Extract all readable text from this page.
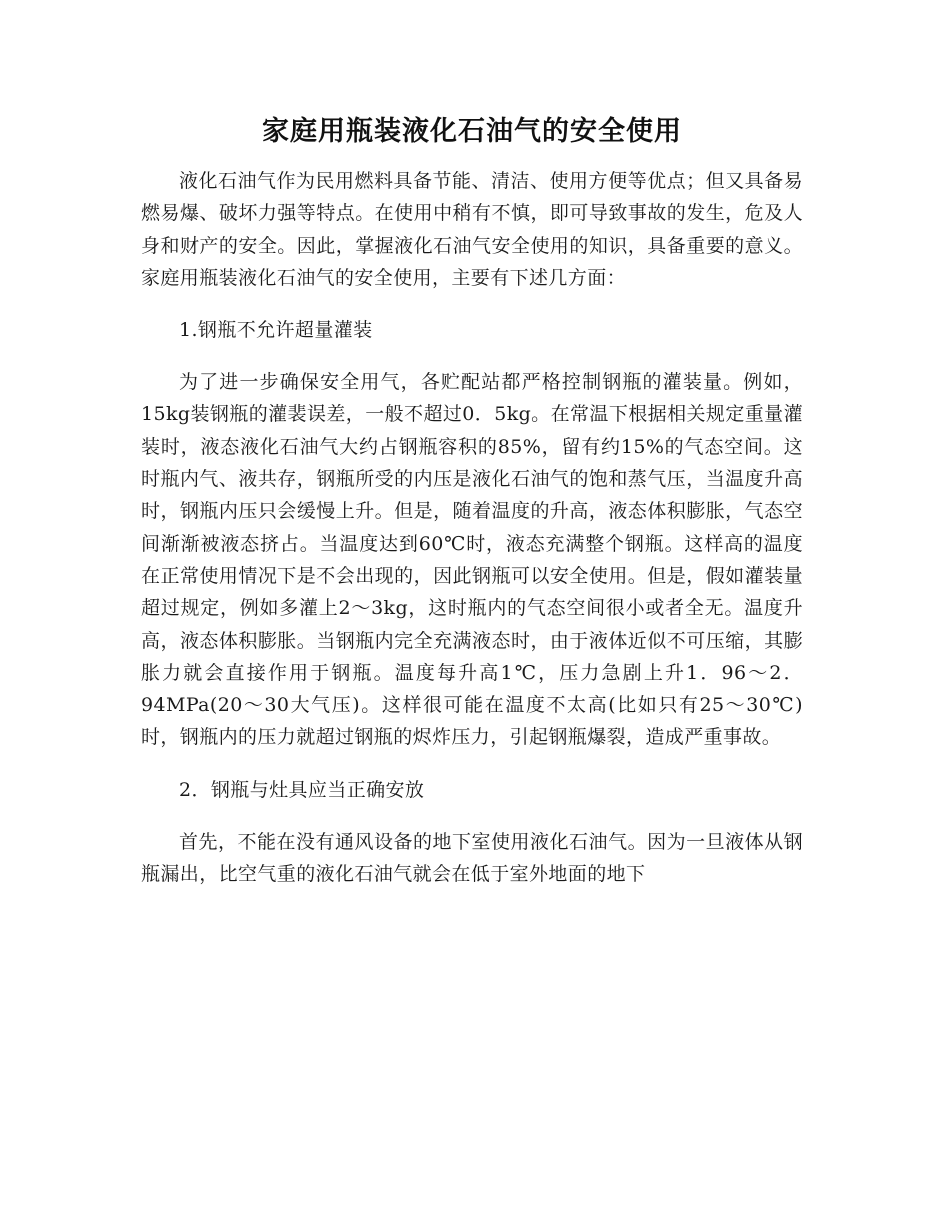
家庭用瓶装液化石油气的安全使用

液化石油气作为民用燃料具备节能、清洁、使用方便等优点；但又具备易燃易爆、破坏力强等特点。在使用中稍有不慎，即可导致事故的发生，危及人身和财产的安全。因此，掌握液化石油气安全使用的知识，具备重要的意义。家庭用瓶装液化石油气的安全使用，主要有下述几方面：

1.钢瓶不允许超量灌装

为了进一步确保安全用气，各贮配站都严格控制钢瓶的灌装量。例如，15kg装钢瓶的灌裴误差，一般不超过0．5kg。在常温下根据相关规定重量灌装时，液态液化石油气大约占钢瓶容积的85%，留有约15%的气态空间。这时瓶内气、液共存，钢瓶所受的内压是液化石油气的饱和蒸气压，当温度升高时，钢瓶内压只会缓慢上升。但是，随着温度的升高，液态体积膨胀，气态空间渐渐被液态挤占。当温度达到60℃时，液态充满整个钢瓶。这样高的温度在正常使用情况下是不会出现的，因此钢瓶可以安全使用。但是，假如灌装量超过规定，例如多灌上2～3kg，这时瓶内的气态空间很小或者全无。温度升高，液态体积膨胀。当钢瓶内完全充满液态时，由于液体近似不可压缩，其膨胀力就会直接作用于钢瓶。温度每升高1℃，压力急剧上升1．96～2．94MPa(20～30大气压)。这样很可能在温度不太高(比如只有25～30℃)时，钢瓶内的压力就超过钢瓶的烬炸压力，引起钢瓶爆裂，造成严重事故。

2．钢瓶与灶具应当正确安放

首先，不能在没有通风设备的地下室使用液化石油气。因为一旦液体从钢瓶漏出，比空气重的液化石油气就会在低于室外地面的地下
